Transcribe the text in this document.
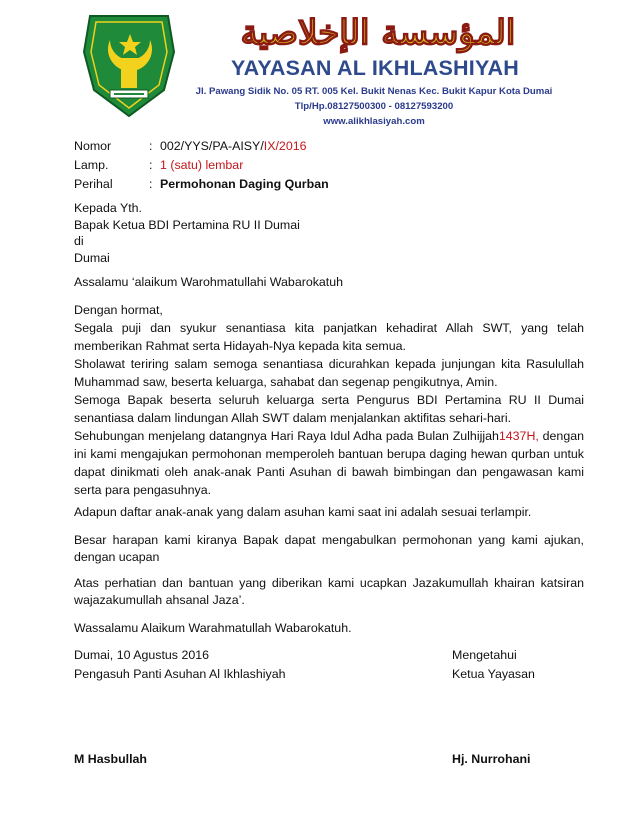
المؤسسة الإخلاصية
YAYASAN AL IKHLASHIYAH
Jl. Pawang Sidik No. 05 RT. 005 Kel. Bukit Nenas Kec. Bukit Kapur Kota Dumai
Tlp/Hp.08127500300 - 08127593200
www.alikhlasiyah.com
Nomor	: 002/YYS/PA-AISY/IX/2016
Lamp.	: 1 (satu) lembar
Perihal	: Permohonan Daging Qurban
Kepada Yth.
Bapak Ketua BDI Pertamina RU II Dumai
di
Dumai
Assalamu ‘alaikum Warohmatullahi Wabarokatuh
Dengan hormat,
Segala puji dan syukur senantiasa kita panjatkan kehadirat Allah SWT, yang telah memberikan Rahmat serta Hidayah-Nya kepada kita semua.
Sholawat teriring salam semoga senantiasa dicurahkan kepada junjungan kita Rasulullah Muhammad saw, beserta keluarga, sahabat dan segenap pengikutnya, Amin.
Semoga Bapak beserta seluruh keluarga serta Pengurus BDI Pertamina RU II Dumai senantiasa dalam lindungan Allah SWT dalam menjalankan aktifitas sehari-hari.
Sehubungan menjelang datangnya Hari Raya Idul Adha pada Bulan Zulhijjah1437H, dengan ini kami mengajukan permohonan memperoleh bantuan berupa daging hewan qurban untuk dapat dinikmati oleh anak-anak Panti Asuhan di bawah bimbingan dan pengawasan kami serta para pengasuhnya.
Adapun daftar anak-anak yang dalam asuhan kami saat ini adalah sesuai terlampir.
Besar harapan kami kiranya Bapak dapat mengabulkan permohonan yang kami ajukan, dengan ucapan
Atas perhatian dan bantuan yang diberikan kami ucapkan Jazakumullah khairan katsiran wajazakumullah ahsanal Jaza’.
Wassalamu Alaikum Warahmatullah Wabarokatuh.
Dumai, 10 Agustus 2016	Mengetahui
Pengasuh Panti Asuhan Al Ikhlashiyah	Ketua Yayasan
M Hasbullah	Hj. Nurrohani
